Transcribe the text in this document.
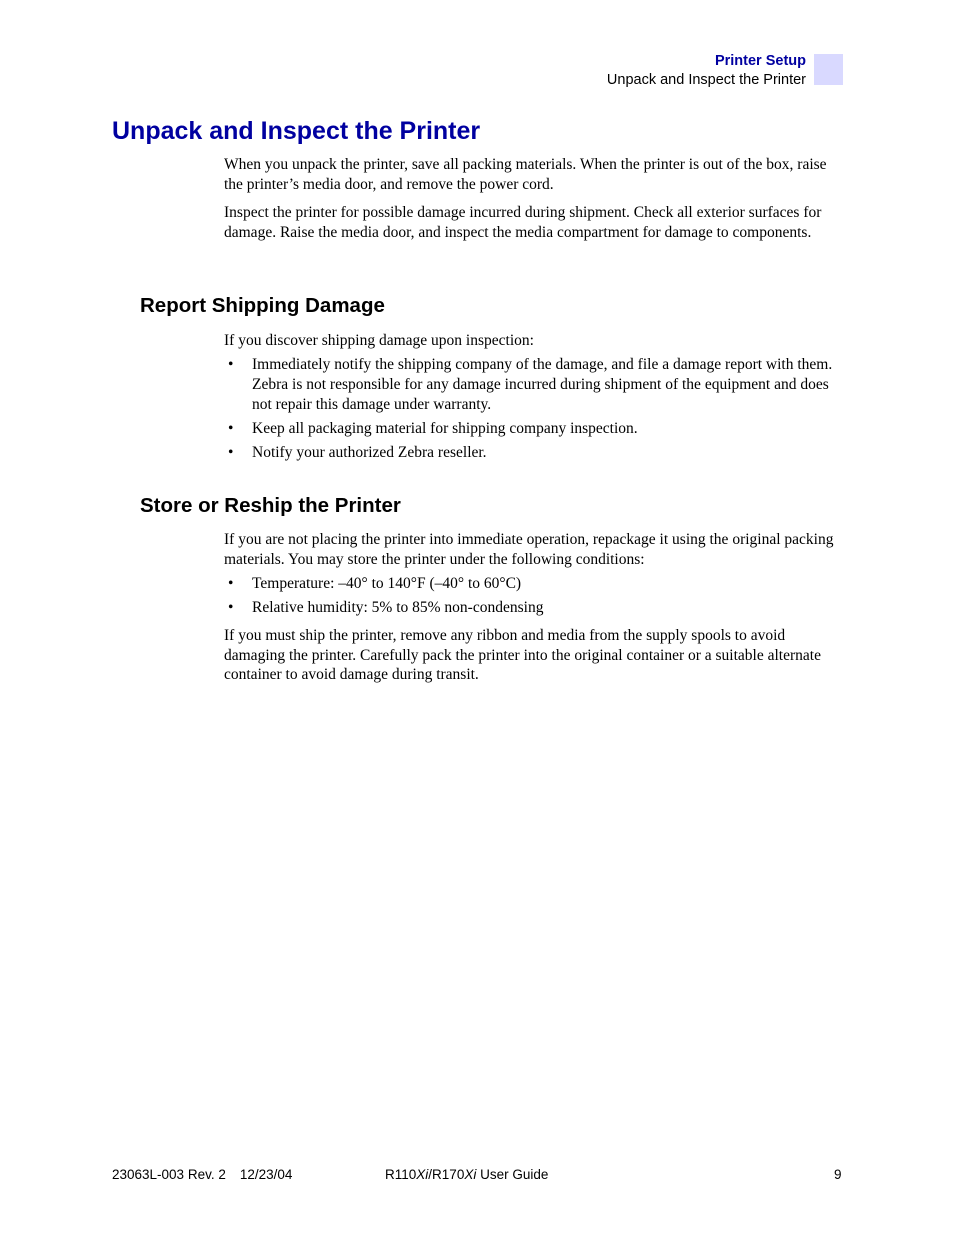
Printer Setup
Unpack and Inspect the Printer
Unpack and Inspect the Printer

When you unpack the printer, save all packing materials. When the printer is out of the box, raise the printer’s media door, and remove the power cord.

Inspect the printer for possible damage incurred during shipment. Check all exterior surfaces for damage. Raise the media door, and inspect the media compartment for damage to components.

Report Shipping Damage

If you discover shipping damage upon inspection:

• Immediately notify the shipping company of the damage, and file a damage report with them. Zebra is not responsible for any damage incurred during shipment of the equipment and does not repair this damage under warranty.
• Keep all packaging material for shipping company inspection.
• Notify your authorized Zebra reseller.
Store or Reship the Printer

If you are not placing the printer into immediate operation, repackage it using the original packing materials. You may store the printer under the following conditions:

• Temperature: –40° to 140°F (–40° to 60°C)
• Relative humidity: 5% to 85% non-condensing

If you must ship the printer, remove any ribbon and media from the supply spools to avoid damaging the printer. Carefully pack the printer into the original container or a suitable alternate container to avoid damage during transit.

23063L-003 Rev. 2 12/23/04	R110Xi/R170Xi User Guide	9
